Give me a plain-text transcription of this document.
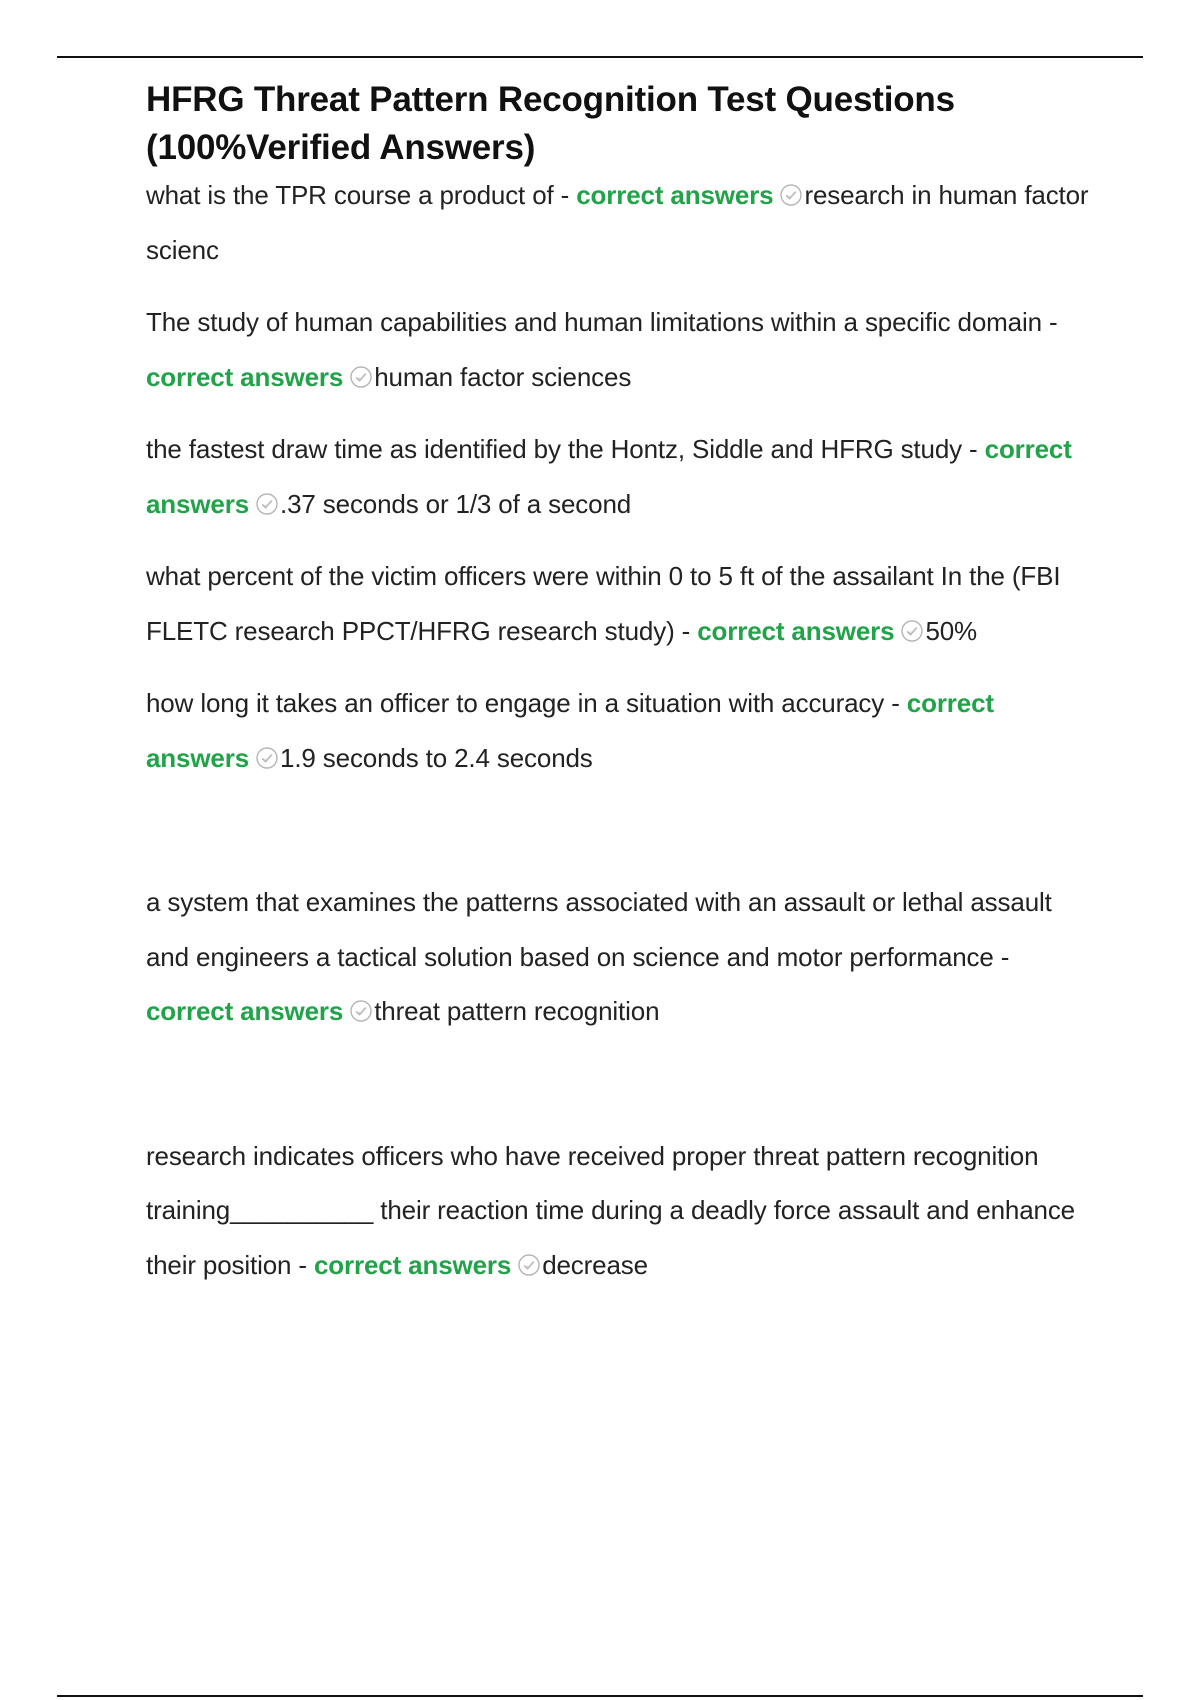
HFRG Threat Pattern Recognition Test Questions (100%Verified Answers)

what is the TPR course a product of - correct answers research in human factor scienc

The study of human capabilities and human limitations within a specific domain - correct answers human factor sciences

the fastest draw time as identified by the Hontz, Siddle and HFRG study - correct answers .37 seconds or 1/3 of a second

what percent of the victim officers were within 0 to 5 ft of the assailant In the (FBI FLETC research PPCT/HFRG research study) - correct answers 50%

how long it takes an officer to engage in a situation with accuracy - correct answers 1.9 seconds to 2.4 seconds

a system that examines the patterns associated with an assault or lethal assault and engineers a tactical solution based on science and motor performance - correct answers threat pattern recognition

research indicates officers who have received proper threat pattern recognition training__________ their reaction time during a deadly force assault and enhance their position - correct answers decrease
